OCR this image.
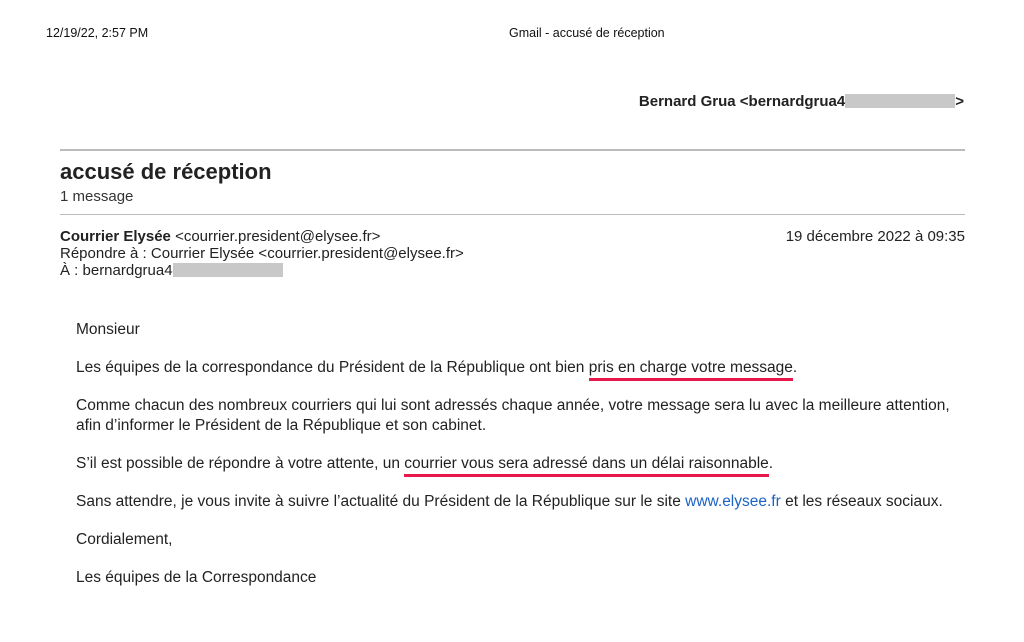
12/19/22, 2:57 PM	Gmail - accusé de réception
Bernard Grua <bernardgrua4	>
accusé de réception
1 message
Courrier Elysée <courrier.president@elysee.fr>	19 décembre 2022 à 09:35
Répondre à : Courrier Elysée <courrier.president@elysee.fr>
À : bernardgrua4

Monsieur

Les équipes de la correspondance du Président de la République ont bien pris en charge votre message.

Comme chacun des nombreux courriers qui lui sont adressés chaque année, votre message sera lu avec la meilleure attention, afin d’informer le Président de la République et son cabinet.

S’il est possible de répondre à votre attente, un courrier vous sera adressé dans un délai raisonnable.

Sans attendre, je vous invite à suivre l’actualité du Président de la République sur le site www.elysee.fr et les réseaux sociaux.

Cordialement,

Les équipes de la Correspondance
